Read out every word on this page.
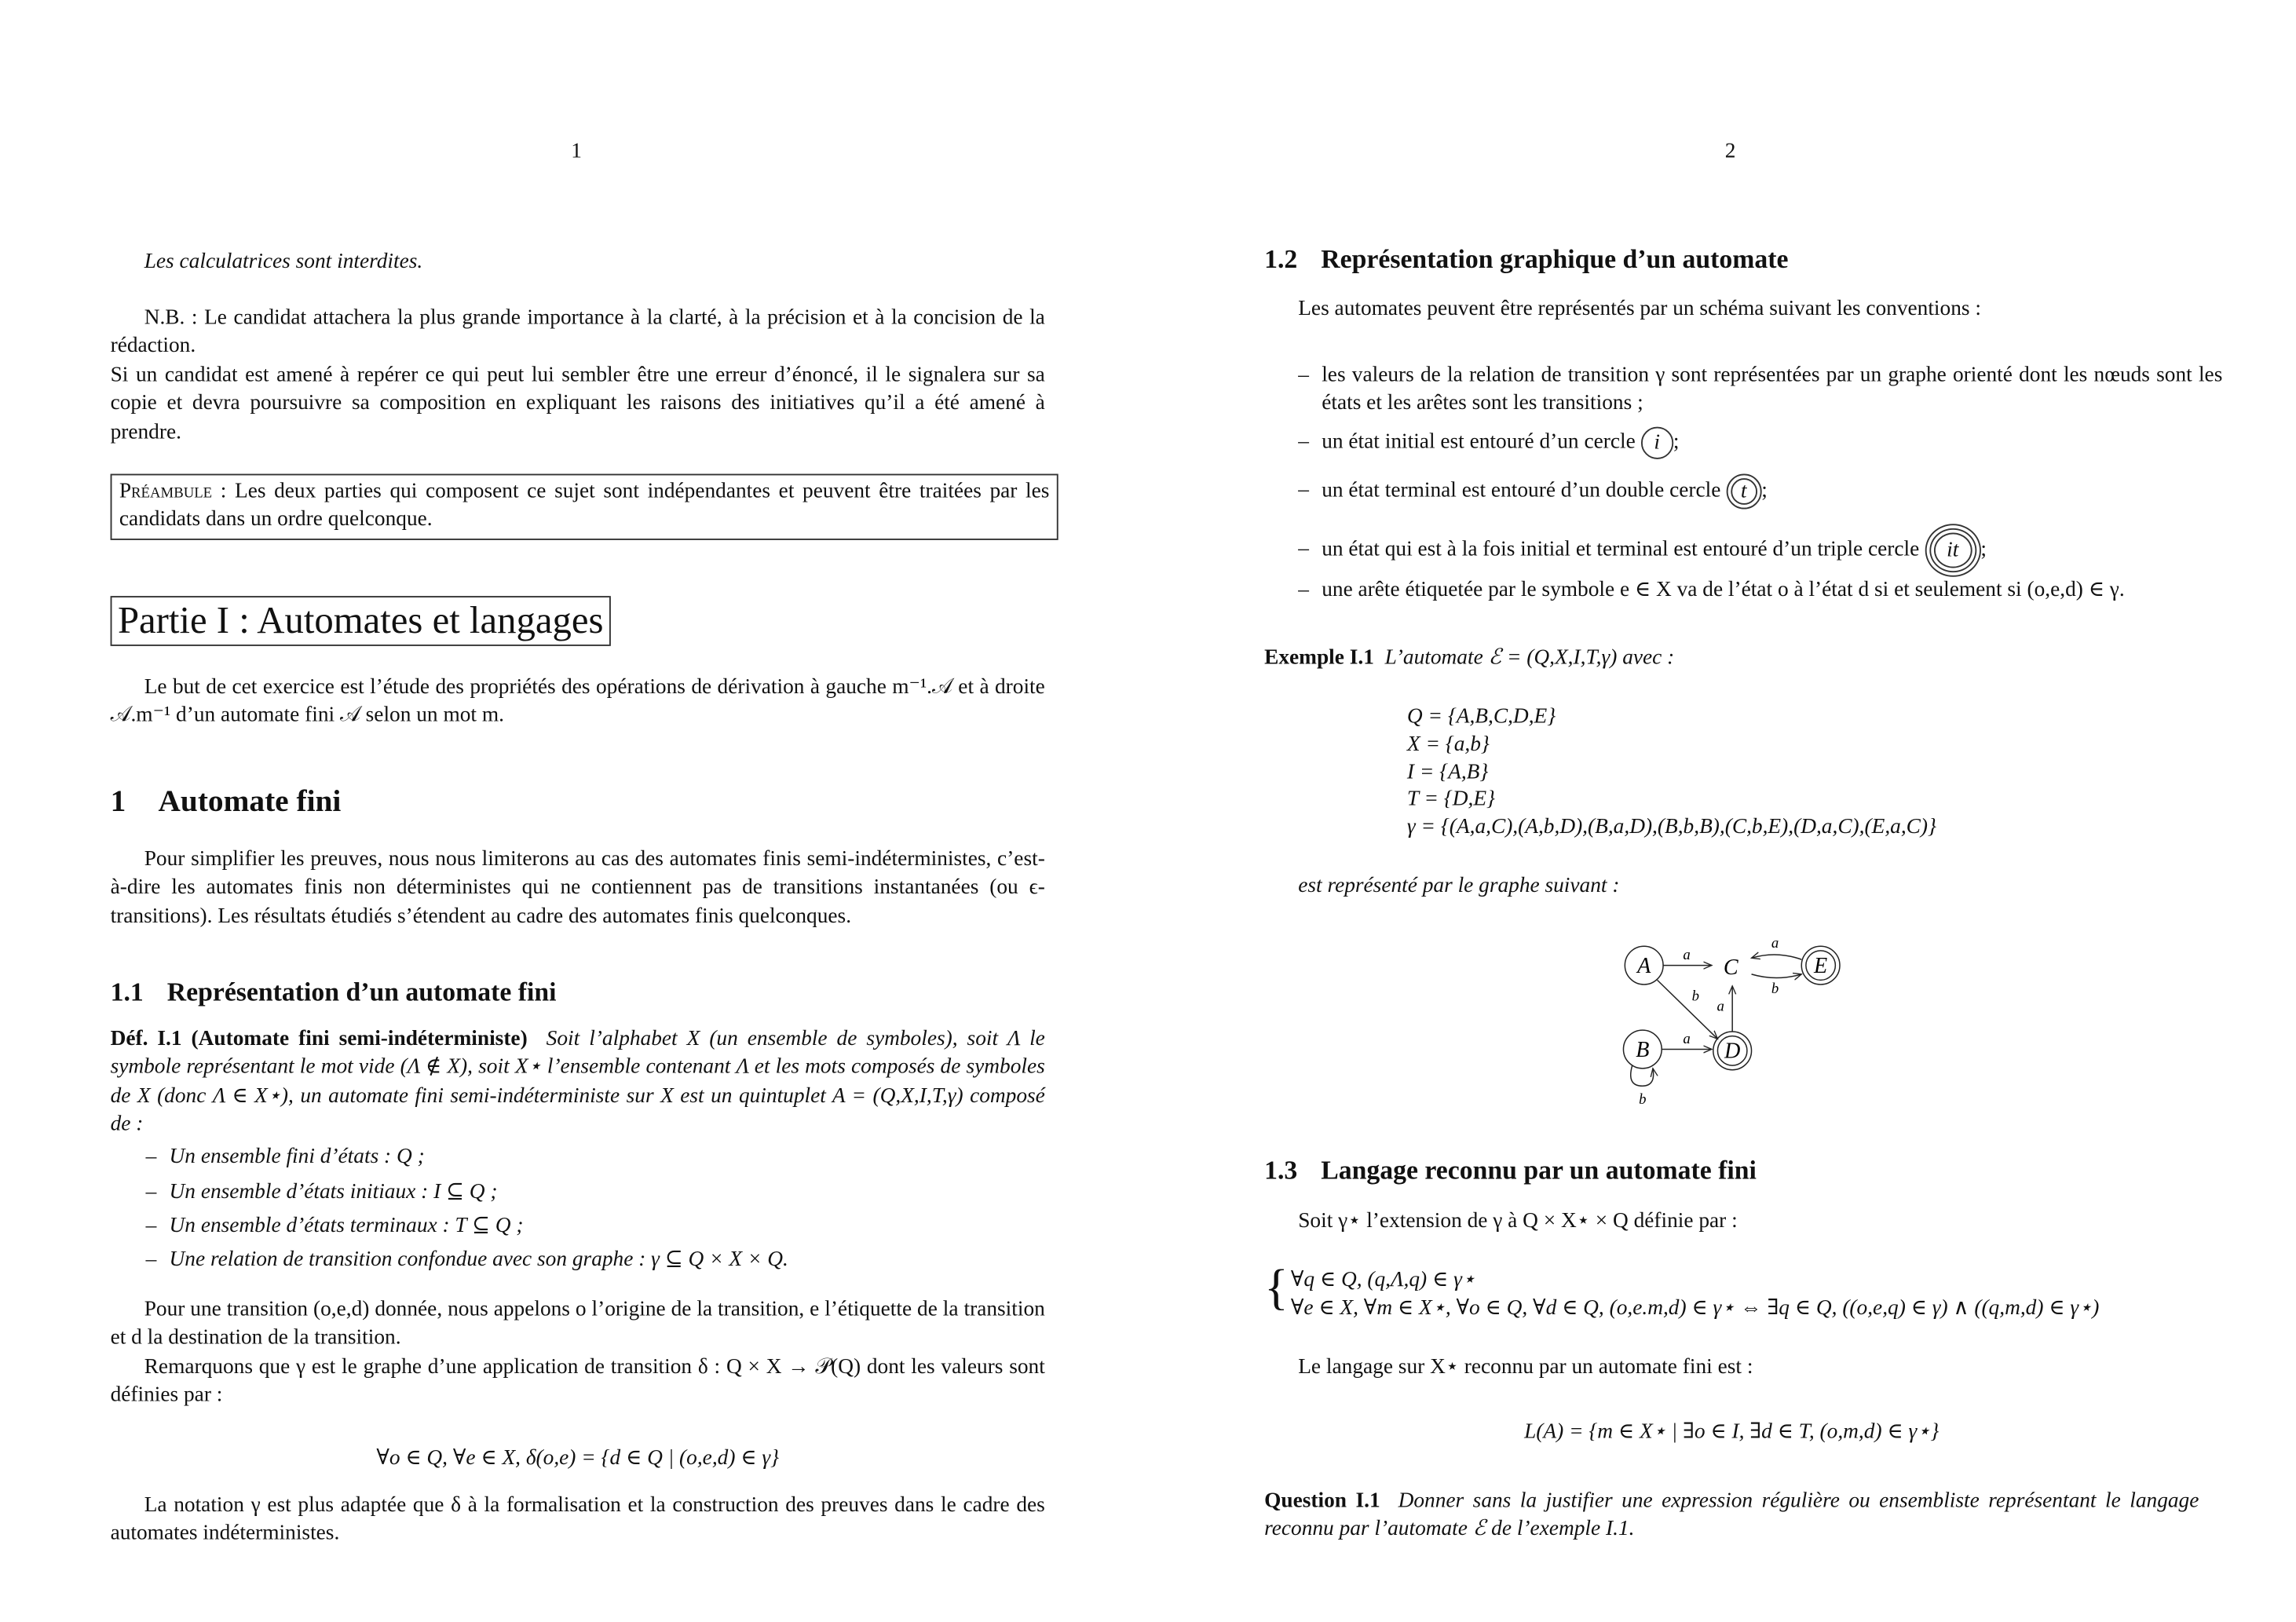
1
Les calculatrices sont interdites.
N.B. : Le candidat attachera la plus grande importance à la clarté, à la précision et à la concision de la rédaction.
Si un candidat est amené à repérer ce qui peut lui sembler être une erreur d’énoncé, il le signalera sur sa copie et devra poursuivre sa composition en expliquant les raisons des initiatives qu’il a été amené à prendre.
Préambule : Les deux parties qui composent ce sujet sont indépendantes et peuvent être traitées par les candidats dans un ordre quelconque.
Partie I : Automates et langages
Le but de cet exercice est l’étude des propriétés des opérations de dérivation à gauche m⁻¹.𝒜 et à droite 𝒜.m⁻¹ d’un automate fini 𝒜 selon un mot m.
1 Automate fini
Pour simplifier les preuves, nous nous limiterons au cas des automates finis semi-indéterministes, c’est-à-dire les automates finis non déterministes qui ne contiennent pas de transitions instantanées (ou ϵ-transitions). Les résultats étudiés s’étendent au cadre des automates finis quelconques.
1.1 Représentation d’un automate fini
Déf. I.1 (Automate fini semi-indéterministe) Soit l’alphabet X (un ensemble de symboles), soit Λ le symbole représentant le mot vide (Λ ∉ X), soit X⋆ l’ensemble contenant Λ et les mots composés de symboles de X (donc Λ ∈ X⋆), un automate fini semi-indéterministe sur X est un quintuplet A = (Q,X,I,T,γ) composé de :
– Un ensemble fini d’états : Q ;
– Un ensemble d’états initiaux : I ⊆ Q ;
– Un ensemble d’états terminaux : T ⊆ Q ;
– Une relation de transition confondue avec son graphe : γ ⊆ Q × X × Q.
Pour une transition (o,e,d) donnée, nous appelons o l’origine de la transition, e l’étiquette de la transition et d la destination de la transition.
Remarquons que γ est le graphe d’une application de transition δ : Q × X → 𝒫(Q) dont les valeurs sont définies par :
∀o ∈ Q, ∀e ∈ X, δ(o,e) = {d ∈ Q | (o,e,d) ∈ γ}
La notation γ est plus adaptée que δ à la formalisation et la construction des preuves dans le cadre des automates indéterministes.
2
1.2 Représentation graphique d’un automate
Les automates peuvent être représentés par un schéma suivant les conventions :
– les valeurs de la relation de transition γ sont représentées par un graphe orienté dont les nœuds sont les états et les arêtes sont les transitions ;
– un état initial est entouré d’un cercle i ;
– un état terminal est entouré d’un double cercle	t	;
– un état qui est à la fois initial et terminal est entouré d’un triple cercle	it	;
– une arête étiquetée par le symbole e ∈ X va de l’état o à l’état d si et seulement si (o,e,d) ∈ γ.
Exemple I.1 L’automate ℰ = (Q,X,I,T,γ) avec :
Q = {A,B,C,D,E}
X = {a,b}
I = {A,B}
T = {D,E}
γ = {(A,a,C),(A,b,D),(B,a,D),(B,b,B),(C,b,E),(D,a,C),(E,a,C)}
est représenté par le graphe suivant :
A
B
C
D
E
a
b
a
a
a
b
b
1.3 Langage reconnu par un automate fini
Soit γ⋆ l’extension de γ à Q × X⋆ × Q définie par :
{ ∀q ∈ Q, (q,Λ,q) ∈ γ⋆
∀e ∈ X, ∀m ∈ X⋆, ∀o ∈ Q, ∀d ∈ Q, (o,e.m,d) ∈ γ⋆ ⇔ ∃q ∈ Q, ((o,e,q) ∈ γ) ∧ ((q,m,d) ∈ γ⋆)
Le langage sur X⋆ reconnu par un automate fini est :
L(A) = {m ∈ X⋆ | ∃o ∈ I, ∃d ∈ T, (o,m,d) ∈ γ⋆}
Question I.1 Donner sans la justifier une expression régulière ou ensembliste représentant le langage reconnu par l’automate ℰ de l’exemple I.1.
